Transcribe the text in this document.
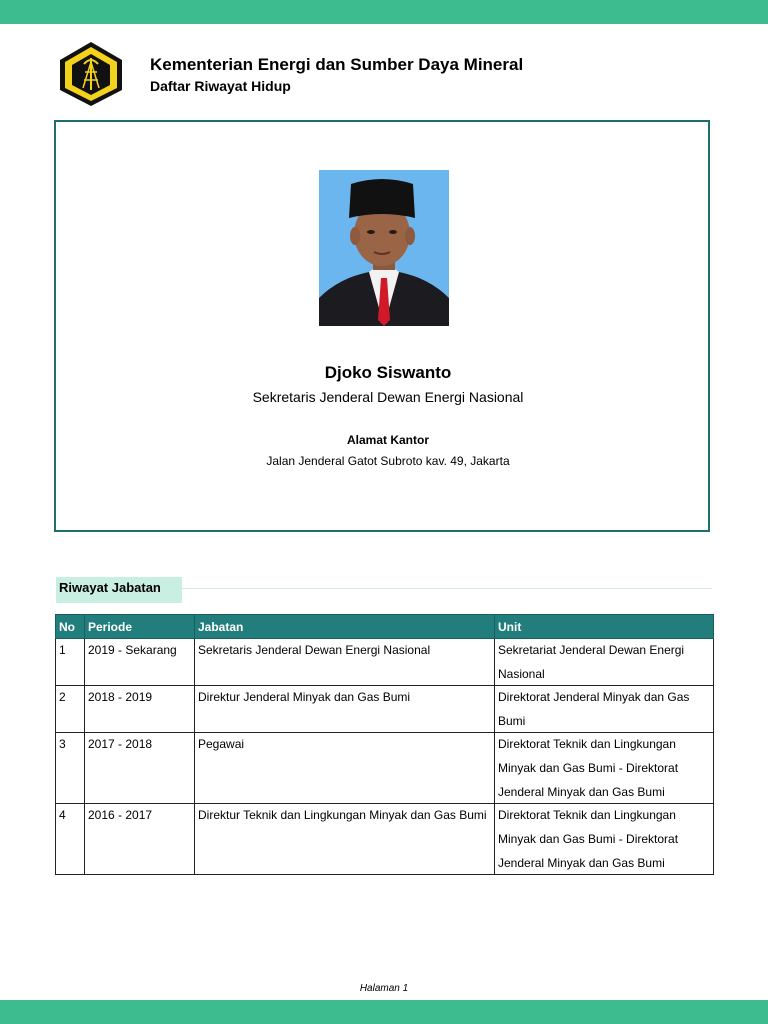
Kementerian Energi dan Sumber Daya Mineral
Daftar Riwayat Hidup
Djoko Siswanto
Sekretaris Jenderal Dewan Energi Nasional
Alamat Kantor
Jalan Jenderal Gatot Subroto kav. 49, Jakarta
Riwayat Jabatan
No	Periode	Jabatan	Unit

1	2019 - Sekarang	Sekretaris Jenderal Dewan Energi Nasional	Sekretariat Jenderal Dewan Energi Nasional

2	2018 - 2019	Direktur Jenderal Minyak dan Gas Bumi	Direktorat Jenderal Minyak dan Gas Bumi

3	2017 - 2018	Pegawai	Direktorat Teknik dan Lingkungan Minyak dan Gas Bumi - Direktorat Jenderal Minyak dan Gas Bumi

4	2016 - 2017	Direktur Teknik dan Lingkungan Minyak dan Gas Bumi	Direktorat Teknik dan Lingkungan Minyak dan Gas Bumi - Direktorat Jenderal Minyak dan Gas Bumi
Halaman 1
